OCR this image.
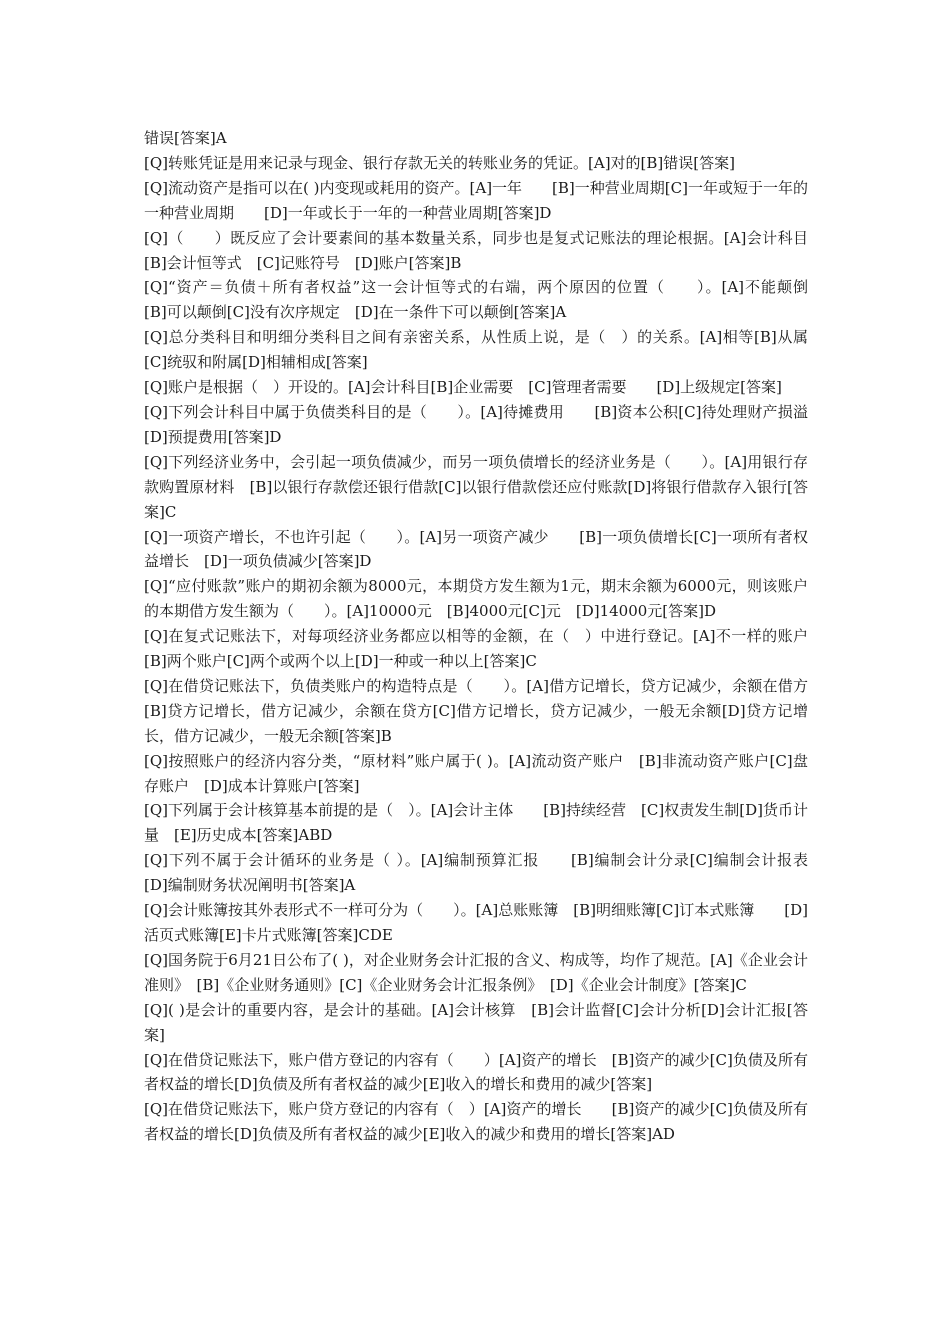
错误[答案]A

[Q]转账凭证是用来记录与现金、银行存款无关的转账业务的凭证。[A]对的[B]错误[答案]

[Q]流动资产是指可以在( )内变现或耗用的资产。[A]一年　　[B]一种营业周期[C]一年或短于一年的一种营业周期　　[D]一年或长于一年的一种营业周期[答案]D

[Q]（　　）既反应了会计要素间的基本数量关系，同步也是复式记账法的理论根据。[A]会计科目　[B]会计恒等式　[C]记账符号　[D]账户[答案]B

[Q]“资产＝负债＋所有者权益”这一会计恒等式的右端，两个原因的位置（　　）。[A]不能颠倒　　[B]可以颠倒[C]没有次序规定　[D]在一条件下可以颠倒[答案]A

[Q]总分类科目和明细分类科目之间有亲密关系，从性质上说，是（　）的关系。[A]相等[B]从属　[C]统驭和附属[D]相辅相成[答案]

[Q]账户是根据（　）开设的。[A]会计科目[B]企业需要　[C]管理者需要　　[D]上级规定[答案]

[Q]下列会计科目中属于负债类科目的是（　　）。[A]待摊费用　　[B]资本公积[C]待处理财产损溢　　[D]预提费用[答案]D

[Q]下列经济业务中，会引起一项负债减少，而另一项负债增长的经济业务是（　　）。[A]用银行存款购置原材料　[B]以银行存款偿还银行借款[C]以银行借款偿还应付账款[D]将银行借款存入银行[答案]C

[Q]一项资产增长，不也许引起（　　）。[A]另一项资产减少　　[B]一项负债增长[C]一项所有者权益增长　[D]一项负债减少[答案]D

[Q]“应付账款”账户的期初余额为8000元，本期贷方发生额为1元，期末余额为6000元，则该账户的本期借方发生额为（　　）。[A]10000元　[B]4000元[C]元　[D]14000元[答案]D

[Q]在复式记账法下，对每项经济业务都应以相等的金额，在（　）中进行登记。[A]不一样的账户　　[B]两个账户[C]两个或两个以上[D]一种或一种以上[答案]C

[Q]在借贷记账法下，负债类账户的构造特点是（　　）。[A]借方记增长，贷方记减少，余额在借方[B]贷方记增长，借方记减少，余额在贷方[C]借方记增长，贷方记减少，一般无余额[D]贷方记增长，借方记减少，一般无余额[答案]B

[Q]按照账户的经济内容分类，“原材料”账户属于( )。[A]流动资产账户　[B]非流动资产账户[C]盘存账户　[D]成本计算账户[答案]

[Q]下列属于会计核算基本前提的是（　）。[A]会计主体　　[B]持续经营　[C]权责发生制[D]货币计量　[E]历史成本[答案]ABD

[Q]下列不属于会计循环的业务是（ ）。[A]编制预算汇报　　[B]编制会计分录[C]编制会计报表　　[D]编制财务状况阐明书[答案]A

[Q]会计账簿按其外表形式不一样可分为（　　）。[A]总账账簿　[B]明细账簿[C]订本式账簿　　[D]活页式账簿[E]卡片式账簿[答案]CDE

[Q]国务院于6月21日公布了( )，对企业财务会计汇报的含义、构成等，均作了规范。[A]《企业会计准则》　[B]《企业财务通则》[C]《企业财务会计汇报条例》　[D]《企业会计制度》[答案]C

[Q]( )是会计的重要内容，是会计的基础。[A]会计核算　[B]会计监督[C]会计分析[D]会计汇报[答案]

[Q]在借贷记账法下，账户借方登记的内容有（　　）[A]资产的增长　[B]资产的减少[C]负债及所有者权益的增长[D]负债及所有者权益的减少[E]收入的增长和费用的减少[答案]

[Q]在借贷记账法下，账户贷方登记的内容有（　）[A]资产的增长　　[B]资产的减少[C]负债及所有者权益的增长[D]负债及所有者权益的减少[E]收入的减少和费用的增长[答案]AD
